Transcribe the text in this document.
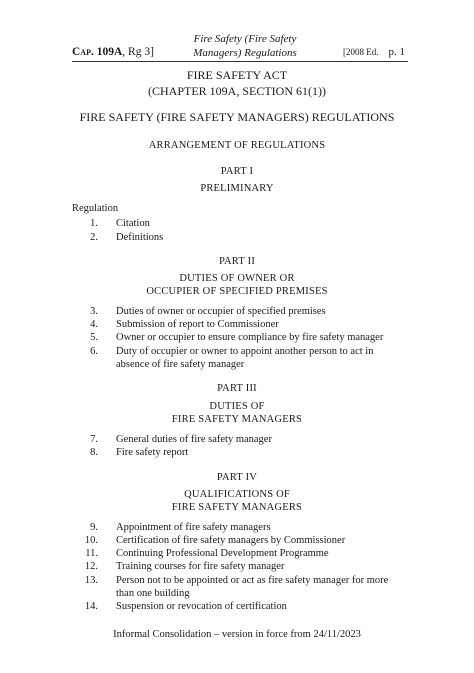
Cap. 109A, Rg 3]
Fire Safety (Fire Safety
Managers) Regulations	[2008 Ed. p. 1
FIRE SAFETY ACT
(CHAPTER 109A, SECTION 61(1))
FIRE SAFETY (FIRE SAFETY MANAGERS) REGULATIONS
ARRANGEMENT OF REGULATIONS
PART I
PRELIMINARY
Regulation
1. Citation
2. Definitions
PART II
DUTIES OF OWNER OR
OCCUPIER OF SPECIFIED PREMISES
3. Duties of owner or occupier of specified premises
4. Submission of report to Commissioner
5. Owner or occupier to ensure compliance by fire safety manager
6. Duty of occupier or owner to appoint another person to act in
absence of fire safety manager
PART III
DUTIES OF
FIRE SAFETY MANAGERS
7. General duties of fire safety manager
8. Fire safety report
PART IV
QUALIFICATIONS OF
FIRE SAFETY MANAGERS
9. Appointment of fire safety managers
10. Certification of fire safety managers by Commissioner
11. Continuing Professional Development Programme
12. Training courses for fire safety manager
13. Person not to be appointed or act as fire safety manager for more
than one building
14. Suspension or revocation of certification
Informal Consolidation – version in force from 24/11/2023
